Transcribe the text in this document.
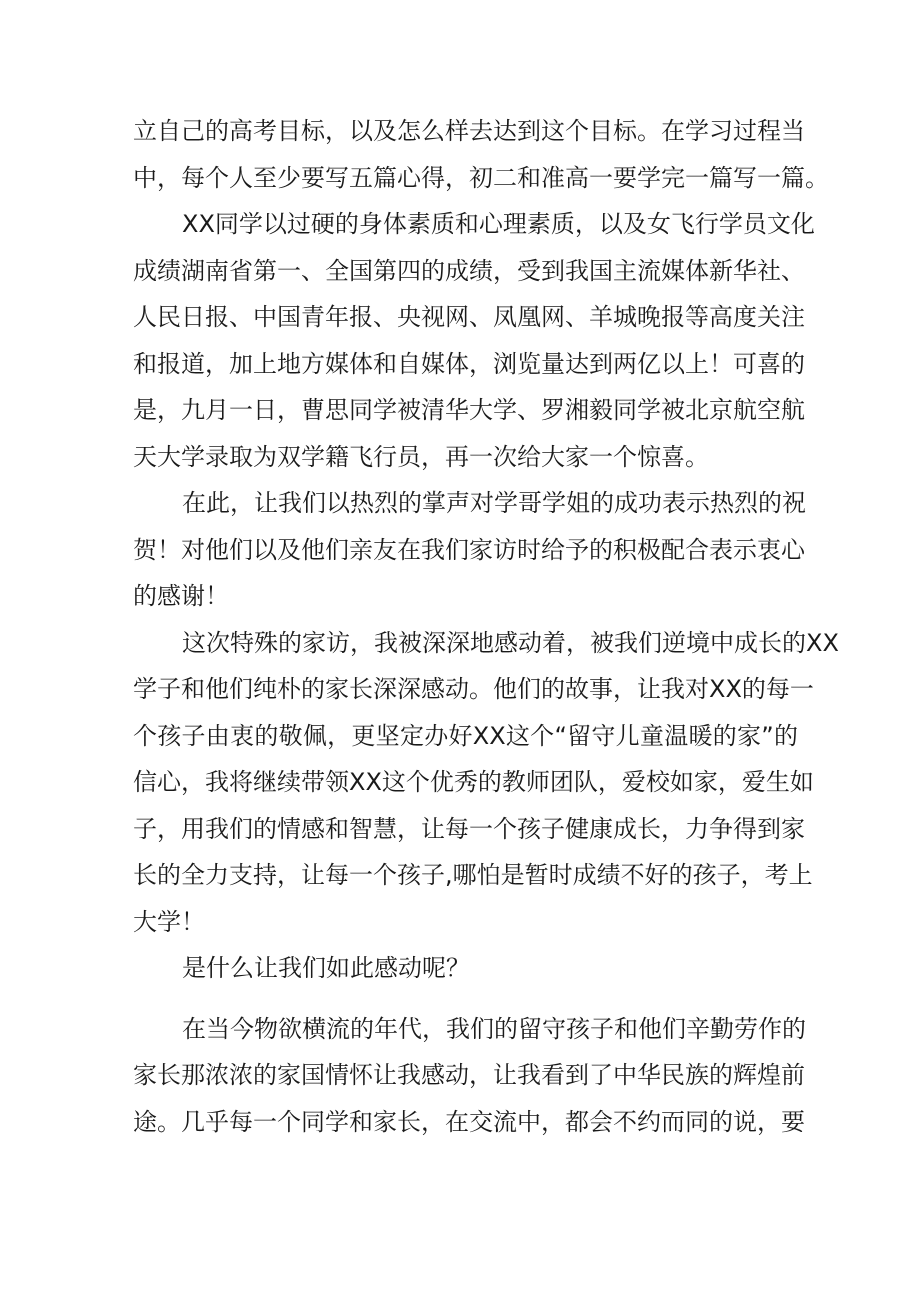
立自己的高考目标，以及怎么样去达到这个目标。在学习过程当
中，每个人至少要写五篇心得，初二和准高一要学完一篇写一篇。
XX同学以过硬的身体素质和心理素质，以及女飞行学员文化
成绩湖南省第一、全国第四的成绩，受到我国主流媒体新华社、
人民日报、中国青年报、央视网、凤凰网、羊城晚报等高度关注
和报道，加上地方媒体和自媒体，浏览量达到两亿以上！可喜的
是，九月一日，曹思同学被清华大学、罗湘毅同学被北京航空航
天大学录取为双学籍飞行员，再一次给大家一个惊喜。
在此，让我们以热烈的掌声对学哥学姐的成功表示热烈的祝
贺！对他们以及他们亲友在我们家访时给予的积极配合表示衷心
的感谢！
这次特殊的家访，我被深深地感动着，被我们逆境中成长的XX
学子和他们纯朴的家长深深感动。他们的故事，让我对XX的每一
个孩子由衷的敬佩，更坚定办好XX这个“留守儿童温暖的家”的
信心，我将继续带领XX这个优秀的教师团队，爱校如家，爱生如
子，用我们的情感和智慧，让每一个孩子健康成长，力争得到家
长的全力支持，让每一个孩子,哪怕是暂时成绩不好的孩子，考上
大学！
是什么让我们如此感动呢？
在当今物欲横流的年代，我们的留守孩子和他们辛勤劳作的
家长那浓浓的家国情怀让我感动，让我看到了中华民族的辉煌前
途。几乎每一个同学和家长，在交流中，都会不约而同的说，要
